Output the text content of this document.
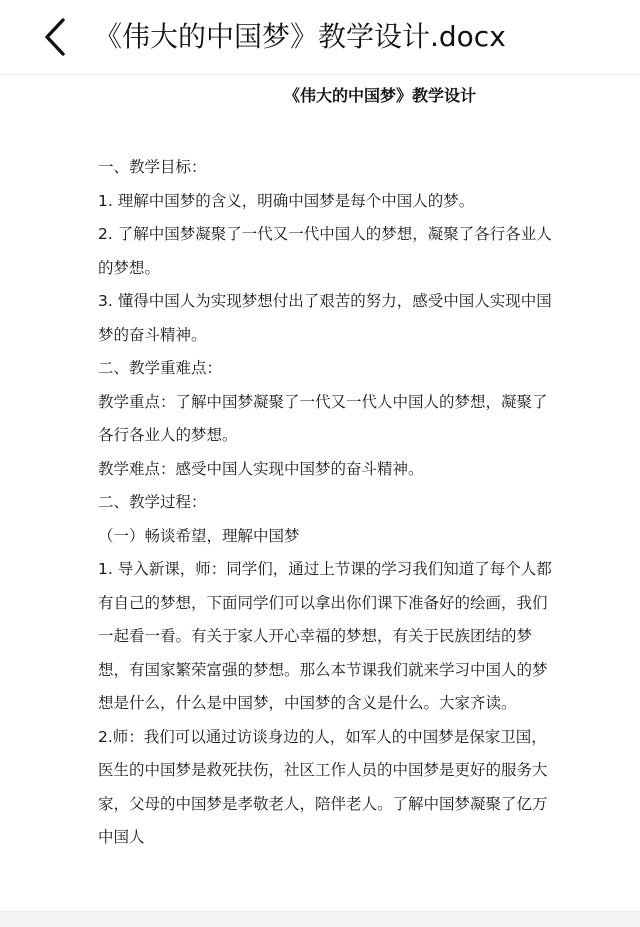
《伟大的中国梦》教学设计.docx
《伟大的中国梦》教学设计

一、教学目标：

1. 理解中国梦的含义，明确中国梦是每个中国人的梦。

2. 了解中国梦凝聚了一代又一代中国人的梦想，凝聚了各行各业人的梦想。

3. 懂得中国人为实现梦想付出了艰苦的努力，感受中国人实现中国梦的奋斗精神。

二、教学重难点：

教学重点：了解中国梦凝聚了一代又一代人中国人的梦想，凝聚了各行各业人的梦想。

教学难点：感受中国人实现中国梦的奋斗精神。

二、教学过程：

（一）畅谈希望，理解中国梦

1. 导入新课，师：同学们，通过上节课的学习我们知道了每个人都有自己的梦想，下面同学们可以拿出你们课下准备好的绘画，我们一起看一看。有关于家人开心幸福的梦想，有关于民族团结的梦想，有国家繁荣富强的梦想。那么本节课我们就来学习中国人的梦想是什么，什么是中国梦，中国梦的含义是什么。大家齐读。

2.师：我们可以通过访谈身边的人，如军人的中国梦是保家卫国，医生的中国梦是救死扶伤，社区工作人员的中国梦是更好的服务大家，父母的中国梦是孝敬老人，陪伴老人。了解中国梦凝聚了亿万中国人
